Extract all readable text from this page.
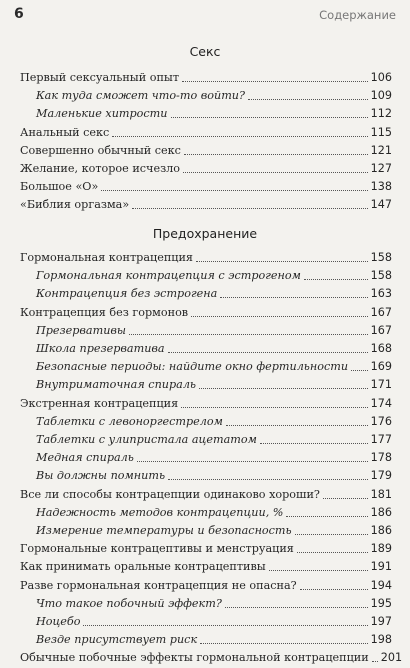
6	Содержание
Секс
Первый сексуальный опыт	106
Как туда сможет что-то войти?	109
Маленькие хитрости	112
Анальный секс	115
Совершенно обычный секс	121
Желание, которое исчезло	127
Большое «О»	138
«Библия оргазма»	147
Предохранение
Гормональная контрацепция	158
Гормональная контрацепция с эстрогеном	158
Контрацепция без эстрогена	163
Контрацепция без гормонов	167
Презервативы	167
Школа презерватива	168
Безопасные периоды: найдите окно фертильности 169
Внутриматочная спираль	171
Экстренная контрацепция	174
Таблетки с левоноргестрелом	176
Таблетки с улипристала ацетатом	177
Медная спираль	178
Вы должны помнить	179
Все ли способы контрацепции одинаково хороши?	181
Надежность методов контрацепции, %	186
Измерение температуры и безопасность	186
Гормональные контрацептивы и менструация	189
Как принимать оральные контрацептивы	191
Разве гормональная контрацепция не опасна?	194
Что такое побочный эффект?	195
Ноцебо	197
Везде присутствует риск	198
Обычные побочные эффекты гормональной контрацепции 201
